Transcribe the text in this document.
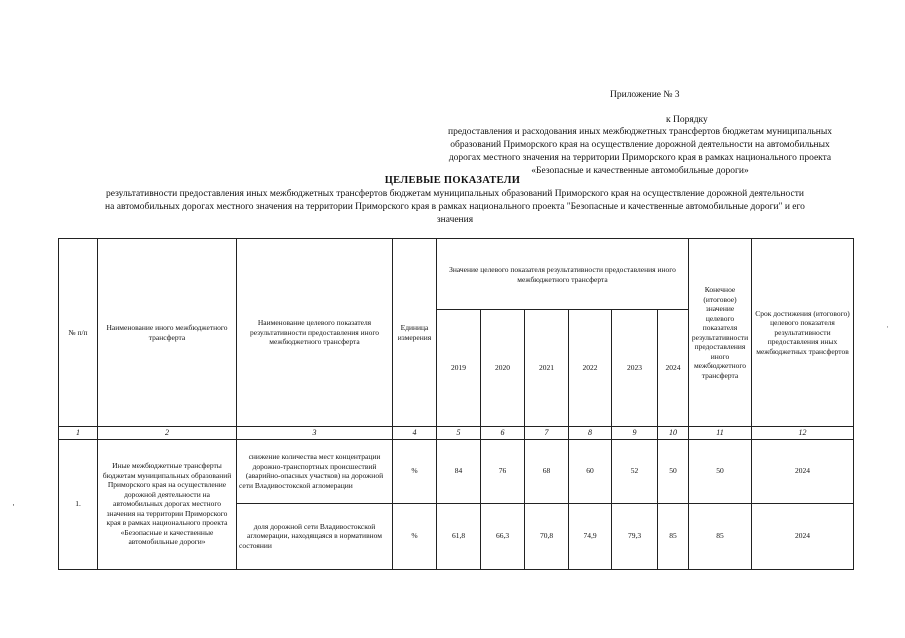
Приложение № 3
к Порядку
предоставления и расходования иных межбюджетных трансфертов бюджетам муниципальных
образований Приморского края на осуществление дорожной деятельности на автомобильных
дорогах местного значения на территории Приморского края в рамках национального проекта
«Безопасные и качественные автомобильные дороги»
ЦЕЛЕВЫЕ ПОКАЗАТЕЛИ
результативности предоставления иных межбюджетных трансфертов бюджетам муниципальных образований Приморского края на осуществление дорожной деятельности
на автомобильных дорогах местного значения на территории Приморского края в рамках национального проекта "Безопасные и качественные автомобильные дороги" и его
значения
№ п/п	Наименование иного межбюджетного трансферта	Наименование целевого показателя результативности предоставления иного межбюджетного трансферта	Единица измерения	Значение целевого показателя результативности предоставления иного межбюджетного трансферта						Конечное (итоговое) значение целевого показателя результативности предоставления иного межбюджетного трансферта	Срок достижения (итогового) целевого показателя результативности предоставления иных межбюджетных трансфертов
				2019	2020	2021	2022	2023	2024		
1	2	3	4	5	6	7	8	9	10	11	12
1.	Иные межбюджетные трансферты бюджетам муниципальных образований Приморского края на осуществление дорожной деятельности на автомобильных дорогах местного значения на территории Приморского края в рамках национального проекта «Безопасные и качественные автомобильные дороги»	снижение количества мест концентрации дорожно-транспортных происшествий (аварийно-опасных участков) на дорожной сети Владивостокской агломерации	%	84	76	68	60	52	50	50	2024
		доля дорожной сети Владивостокской агломерации, находящаяся в нормативном состоянии	%	61,8	66,3	70,8	74,9	79,3	85	85	2024
·
·
